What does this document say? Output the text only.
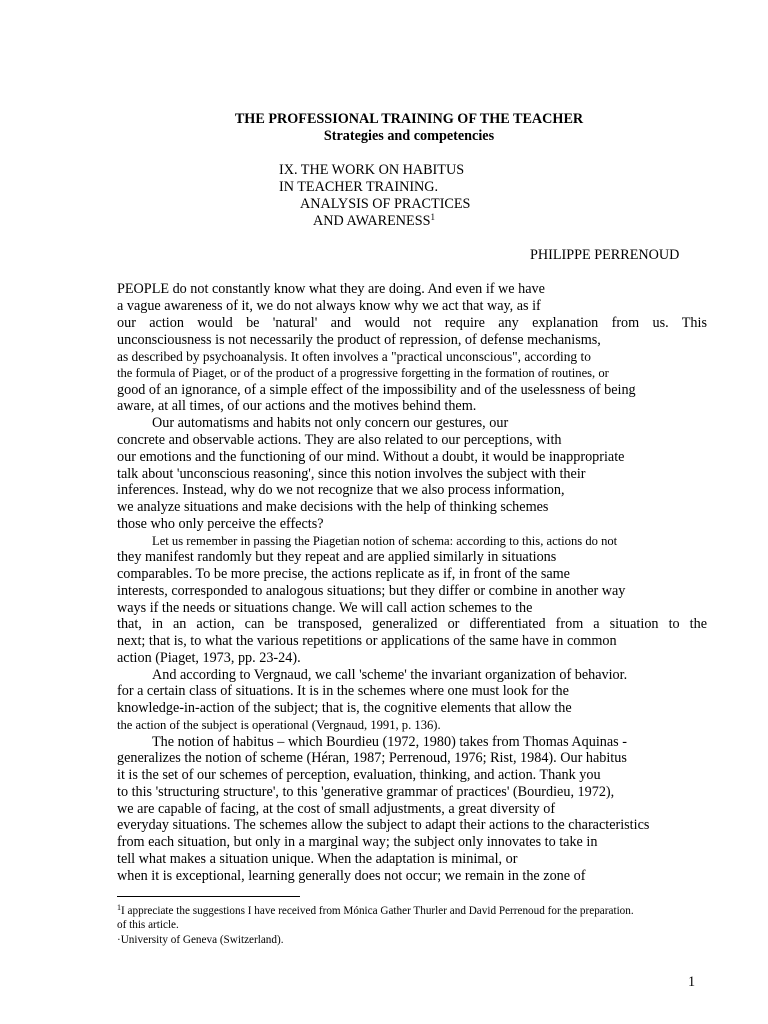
THE PROFESSIONAL TRAINING OF THE TEACHER
Strategies and competencies
IX. THE WORK ON HABITUS
IN TEACHER TRAINING.
ANALYSIS OF PRACTICES
AND AWARENESS$^1$
PHILIPPE PERRENOUD
PEOPLE do not constantly know what they are doing. And even if we have
a vague awareness of it, we do not always know why we act that way, as if
our action would be 'natural' and would not require any explanation from us. This
unconsciousness is not necessarily the product of repression, of defense mechanisms,
as described by psychoanalysis. It often involves a "practical unconscious", according to
the formula of Piaget, or of the product of a progressive forgetting in the formation of routines, or
good of an ignorance, of a simple effect of the impossibility and of the uselessness of being
aware, at all times, of our actions and the motives behind them.
Our automatisms and habits not only concern our gestures, our
concrete and observable actions. They are also related to our perceptions, with
our emotions and the functioning of our mind. Without a doubt, it would be inappropriate
talk about 'unconscious reasoning', since this notion involves the subject with their
inferences. Instead, why do we not recognize that we also process information,
we analyze situations and make decisions with the help of thinking schemes
those who only perceive the effects?
Let us remember in passing the Piagetian notion of schema: according to this, actions do not
they manifest randomly but they repeat and are applied similarly in situations
comparables. To be more precise, the actions replicate as if, in front of the same
interests, corresponded to analogous situations; but they differ or combine in another way
ways if the needs or situations change. We will call action schemes to the
that, in an action, can be transposed, generalized or differentiated from a situation to the
next; that is, to what the various repetitions or applications of the same have in common
action (Piaget, 1973, pp. 23-24).
And according to Vergnaud, we call 'scheme' the invariant organization of behavior.
for a certain class of situations. It is in the schemes where one must look for the
knowledge-in-action of the subject; that is, the cognitive elements that allow the
the action of the subject is operational (Vergnaud, 1991, p. 136).
The notion of habitus – which Bourdieu (1972, 1980) takes from Thomas Aquinas -
generalizes the notion of scheme (Héran, 1987; Perrenoud, 1976; Rist, 1984). Our habitus
it is the set of our schemes of perception, evaluation, thinking, and action. Thank you
to this 'structuring structure', to this 'generative grammar of practices' (Bourdieu, 1972),
we are capable of facing, at the cost of small adjustments, a great diversity of
everyday situations. The schemes allow the subject to adapt their actions to the characteristics
from each situation, but only in a marginal way; the subject only innovates to take in
tell what makes a situation unique. When the adaptation is minimal, or
when it is exceptional, learning generally does not occur; we remain in the zone of
$^1$I appreciate the suggestions I have received from Mónica Gather Thurler and David Perrenoud for the preparation.
of this article.
·University of Geneva (Switzerland).
1
